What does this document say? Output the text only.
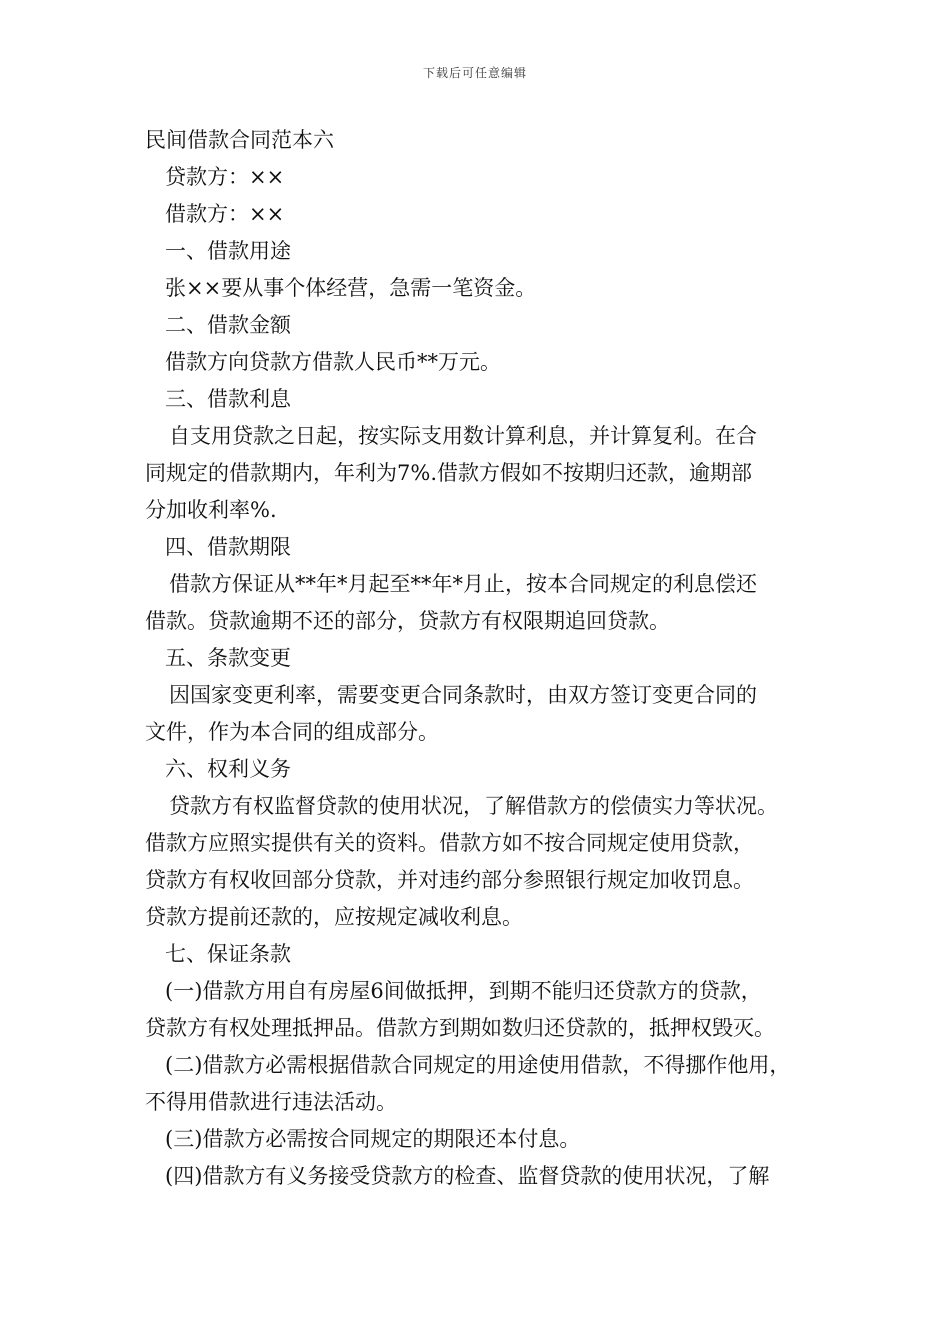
下载后可任意编辑
民间借款合同范本六
贷款方：××
借款方：××
一、借款用途
张××要从事个体经营，急需一笔资金。
二、借款金额
借款方向贷款方借款人民币**万元。
三、借款利息
自支用贷款之日起，按实际支用数计算利息，并计算复利。在合
同规定的借款期内，年利为7%.借款方假如不按期归还款，逾期部
分加收利率%.
四、借款期限
借款方保证从**年*月起至**年*月止，按本合同规定的利息偿还
借款。贷款逾期不还的部分，贷款方有权限期追回贷款。
五、条款变更
因国家变更利率，需要变更合同条款时，由双方签订变更合同的
文件，作为本合同的组成部分。
六、权利义务
贷款方有权监督贷款的使用状况，了解借款方的偿债实力等状况。
借款方应照实提供有关的资料。借款方如不按合同规定使用贷款，
贷款方有权收回部分贷款，并对违约部分参照银行规定加收罚息。
贷款方提前还款的，应按规定减收利息。
七、保证条款
(一)借款方用自有房屋6间做抵押，到期不能归还贷款方的贷款，
贷款方有权处理抵押品。借款方到期如数归还贷款的，抵押权毁灭。
(二)借款方必需根据借款合同规定的用途使用借款，不得挪作他用，
不得用借款进行违法活动。
(三)借款方必需按合同规定的期限还本付息。
(四)借款方有义务接受贷款方的检查、监督贷款的使用状况，了解
